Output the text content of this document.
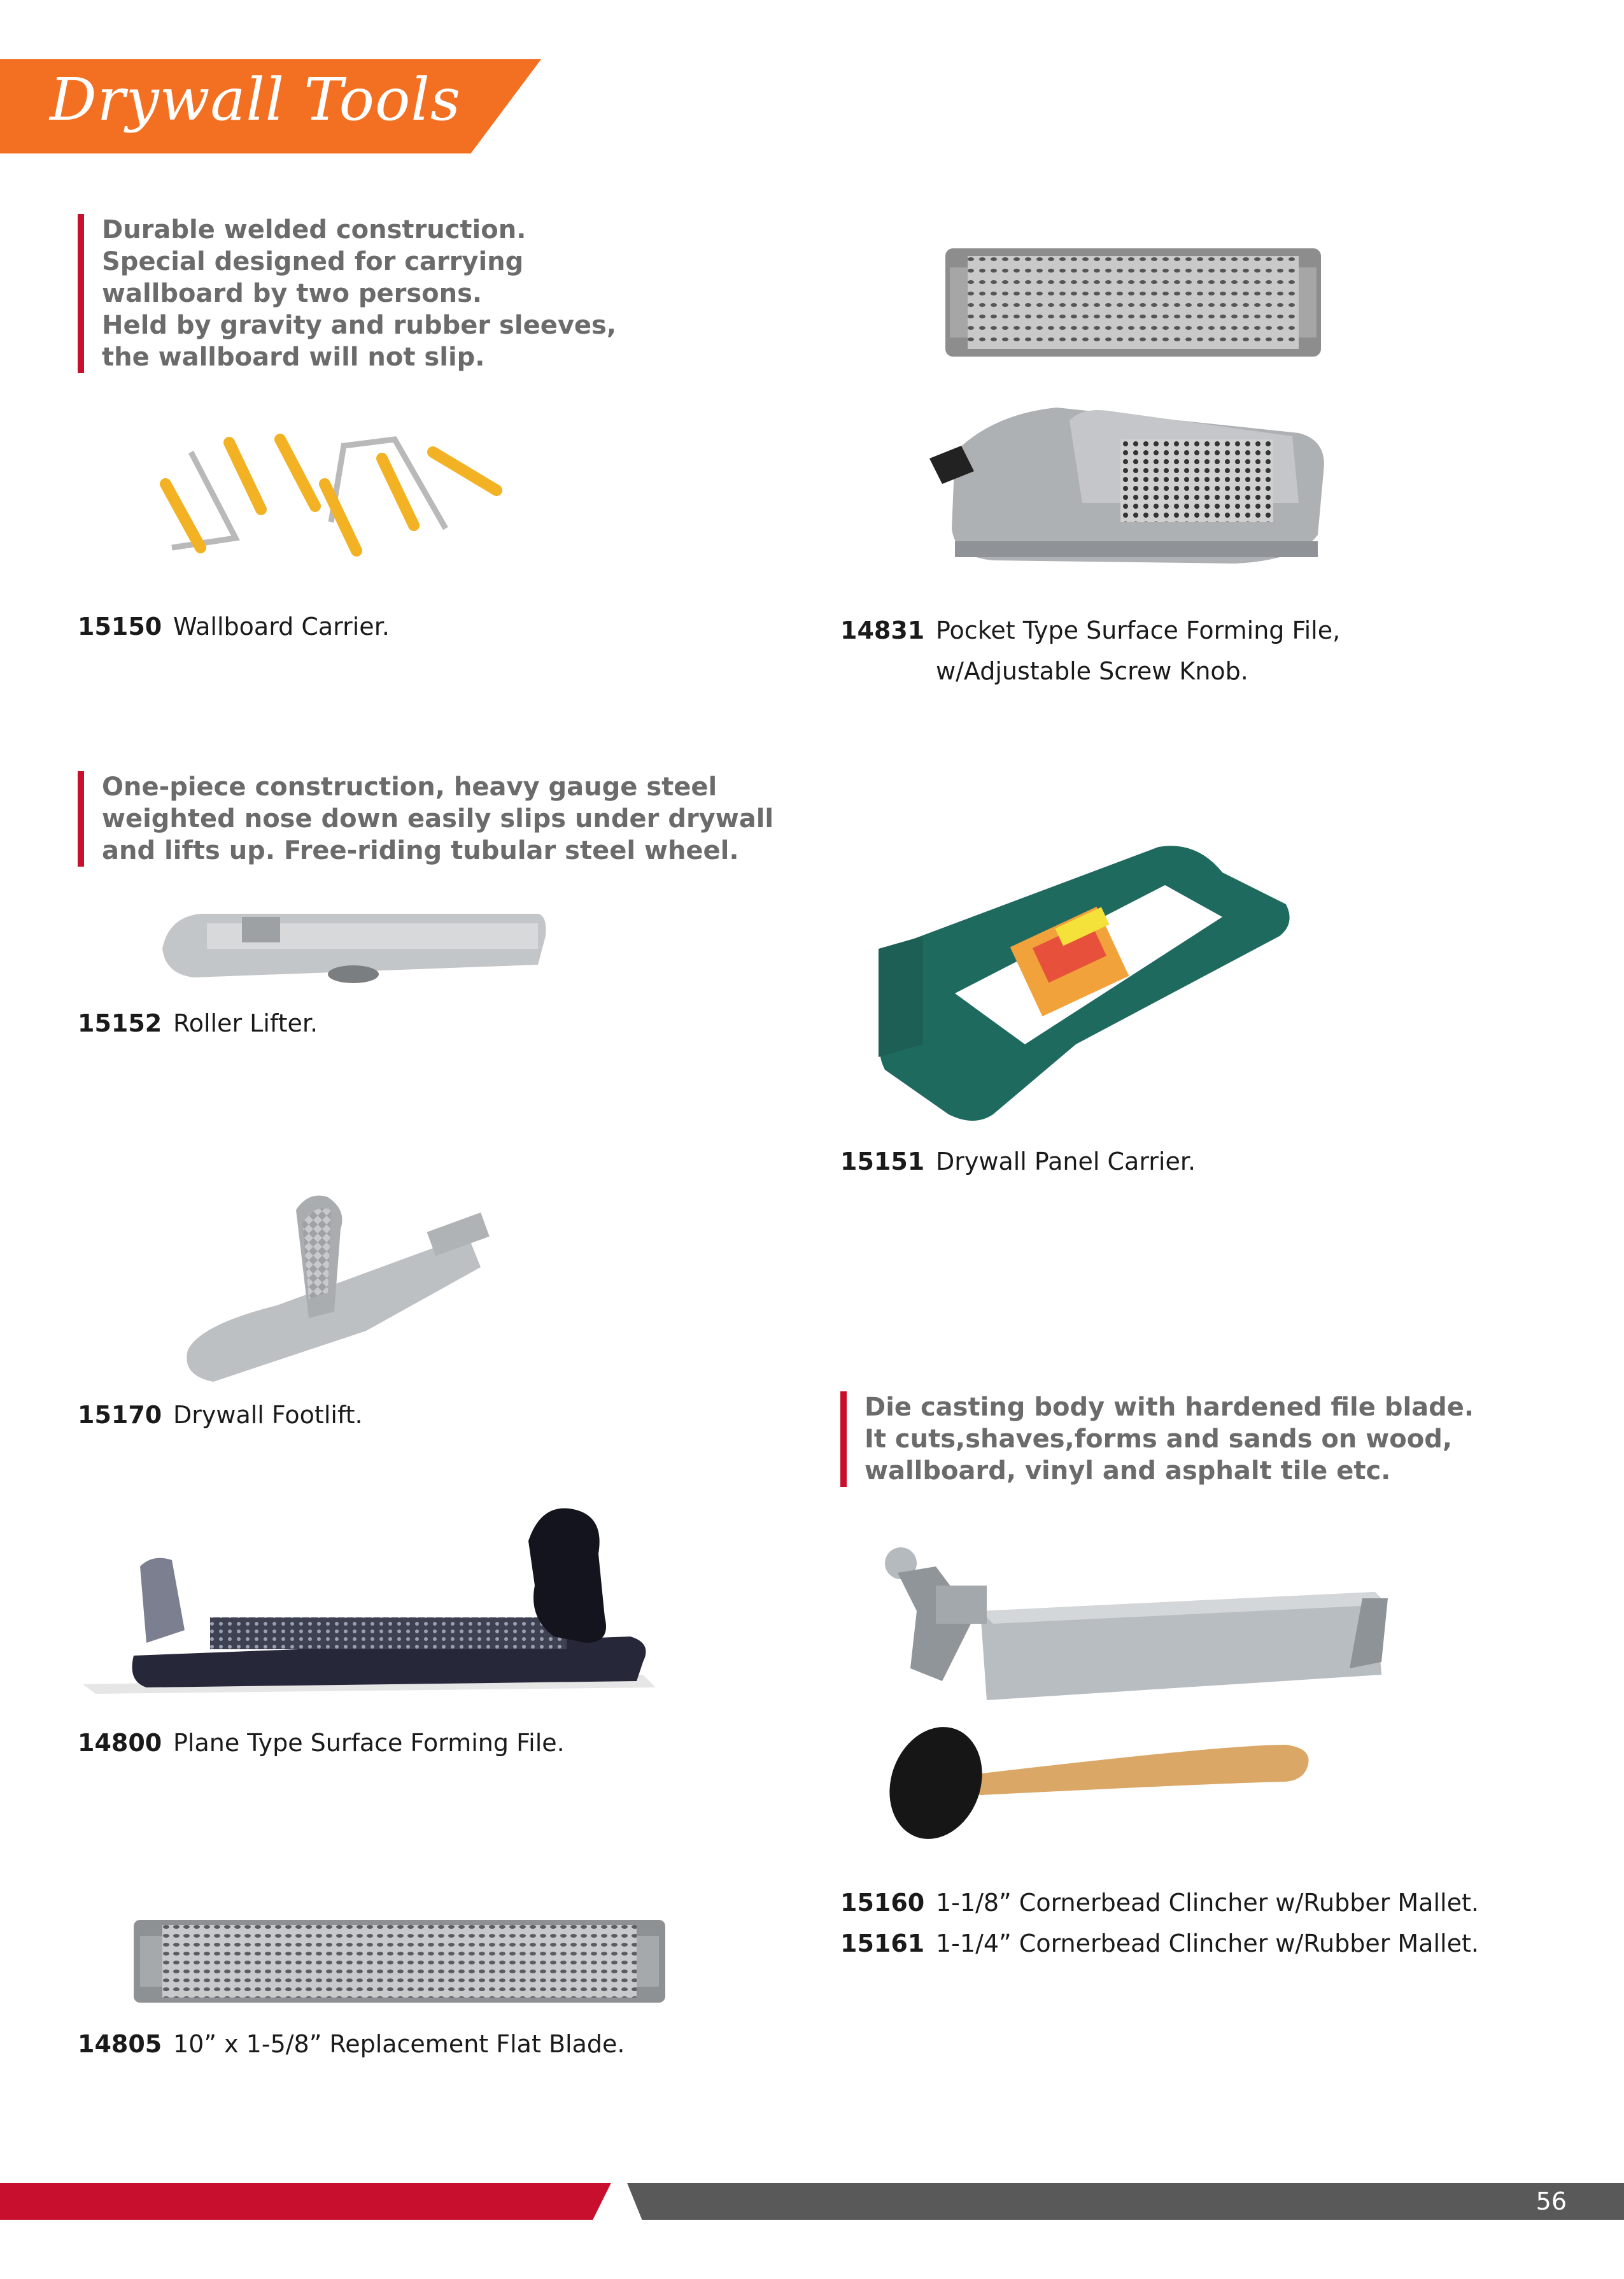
Drywall Tools
Durable welded construction.
Special designed for carrying
wallboard by two persons.
Held by gravity and rubber sleeves,
the wallboard will not slip.
15150 Wallboard Carrier.	14831 Pocket Type Surface Forming File,
w/Adjustable Screw Knob.
One-piece construction, heavy gauge steel
weighted nose down easily slips under drywall
and lifts up. Free-riding tubular steel wheel.
15152 Roller Lifter.
15151 Drywall Panel Carrier.
15170 Drywall Footlift.	Die casting body with hardened file blade.
It cuts,shaves,forms and sands on wood,
wallboard, vinyl and asphalt tile etc.
14800 Plane Type Surface Forming File.
15160 1-1/8” Cornerbead Clincher w/Rubber Mallet.
15161 1-1/4” Cornerbead Clincher w/Rubber Mallet.
14805 10” x 1-5/8” Replacement Flat Blade.
56
